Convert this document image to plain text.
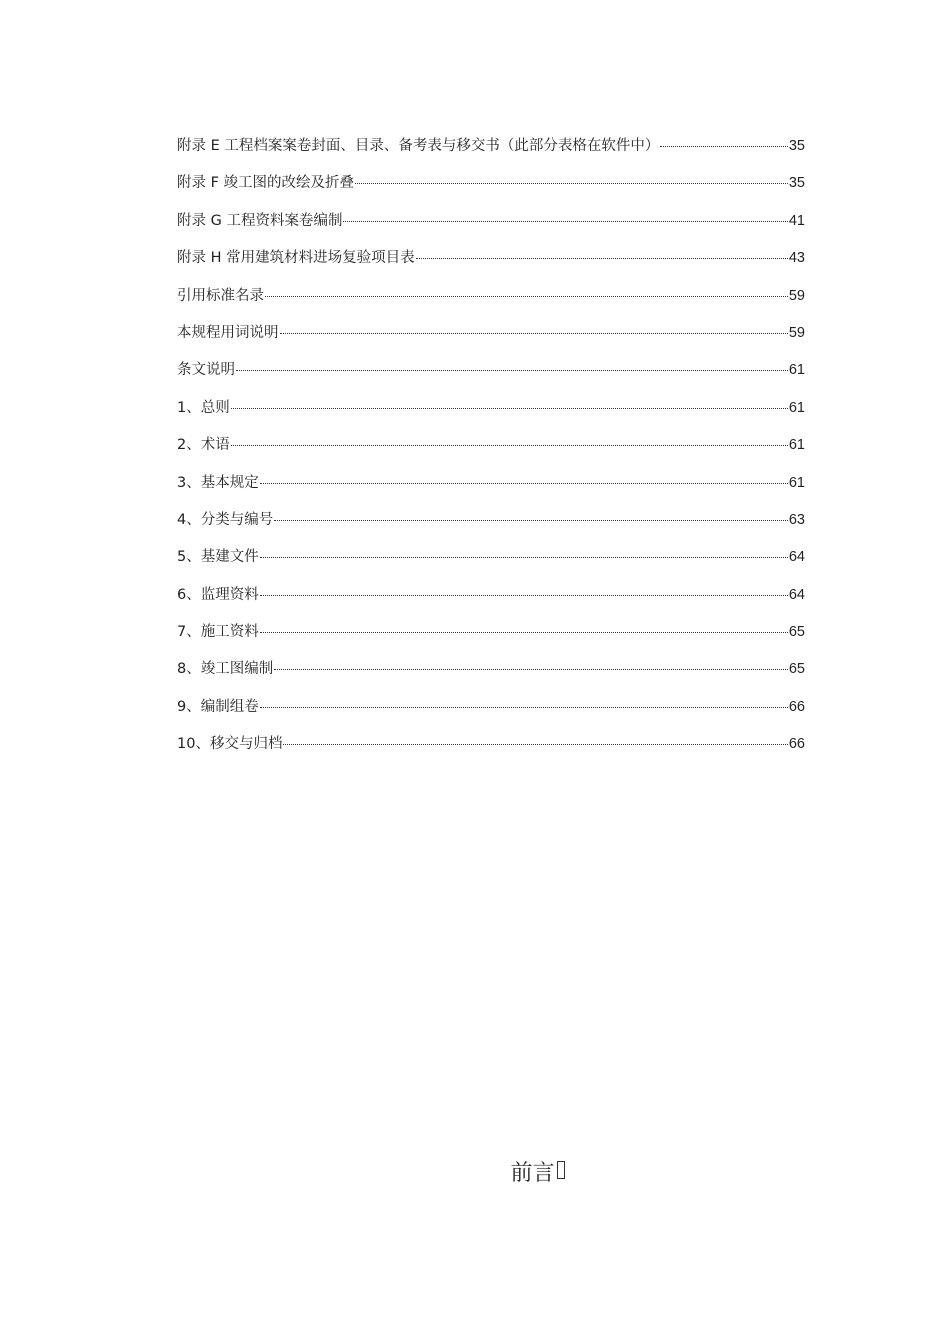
附录 E 工程档案案卷封面、目录、备考表与移交书（此部分表格在软件中）	35
附录 F 竣工图的改绘及折叠	35
附录 G 工程资料案卷编制	41
附录 H 常用建筑材料进场复验项目表	43
引用标准名录	59
本规程用词说明	59
条文说明	61
1、总则	61
2、术语	61
3、基本规定	61
4、分类与编号	63
5、基建文件	64
6、监理资料	64
7、施工资料	65
8、竣工图编制	65
9、编制组卷	66
10、移交与归档	66
前言
